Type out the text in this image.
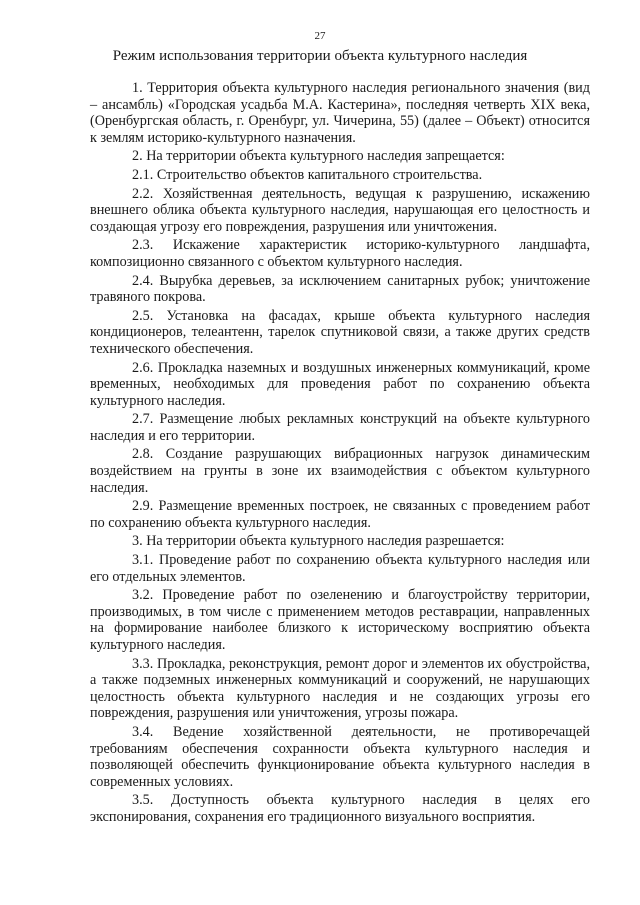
27
Режим использования территории объекта культурного наследия

1. Территория объекта культурного наследия регионального значения (вид – ансамбль) «Городская усадьба М.А. Кастерина», последняя четверть XIX века, (Оренбургская область, г. Оренбург, ул. Чичерина, 55) (далее – Объект) относится к землям историко-культурного назначения.

2. На территории объекта культурного наследия запрещается:

2.1. Строительство объектов капитального строительства.

2.2. Хозяйственная деятельность, ведущая к разрушению, искажению внешнего облика объекта культурного наследия, нарушающая его целостность и создающая угрозу его повреждения, разрушения или уничтожения.

2.3. Искажение характеристик историко-культурного ландшафта, композиционно связанного с объектом культурного наследия.

2.4. Вырубка деревьев, за исключением санитарных рубок; уничтожение травяного покрова.

2.5. Установка на фасадах, крыше объекта культурного наследия кондиционеров, телеантенн, тарелок спутниковой связи, а также других средств технического обеспечения.

2.6. Прокладка наземных и воздушных инженерных коммуникаций, кроме временных, необходимых для проведения работ по сохранению объекта культурного наследия.

2.7. Размещение любых рекламных конструкций на объекте культурного наследия и его территории.

2.8. Создание разрушающих вибрационных нагрузок динамическим воздействием на грунты в зоне их взаимодействия с объектом культурного наследия.

2.9. Размещение временных построек, не связанных с проведением работ по сохранению объекта культурного наследия.

3. На территории объекта культурного наследия разрешается:

3.1. Проведение работ по сохранению объекта культурного наследия или его отдельных элементов.

3.2. Проведение работ по озеленению и благоустройству территории, производимых, в том числе с применением методов реставрации, направленных на формирование наиболее близкого к историческому восприятию объекта культурного наследия.

3.3. Прокладка, реконструкция, ремонт дорог и элементов их обустройства, а также подземных инженерных коммуникаций и сооружений, не нарушающих целостность объекта культурного наследия и не создающих угрозы его повреждения, разрушения или уничтожения, угрозы пожара.

3.4. Ведение хозяйственной деятельности, не противоречащей требованиям обеспечения сохранности объекта культурного наследия и позволяющей обеспечить функционирование объекта культурного наследия в современных условиях.

3.5. Доступность объекта культурного наследия в целях его экспонирования, сохранения его традиционного визуального восприятия.
